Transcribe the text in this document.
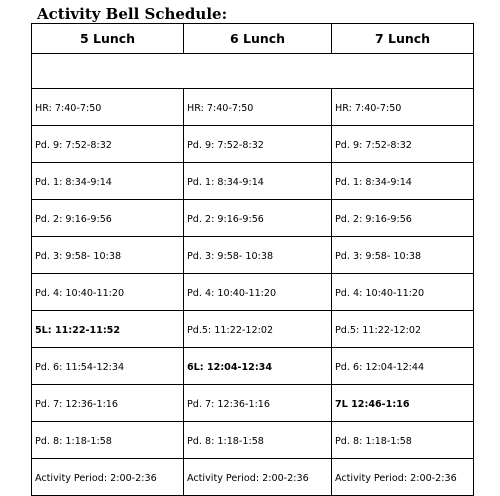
Activity Bell Schedule:
5 Lunch	6 Lunch	7 Lunch

HR: 7:40-7:50	HR: 7:40-7:50	HR: 7:40-7:50
Pd. 9: 7:52-8:32	Pd. 9: 7:52-8:32	Pd. 9: 7:52-8:32
Pd. 1: 8:34-9:14	Pd. 1: 8:34-9:14	Pd. 1: 8:34-9:14
Pd. 2: 9:16-9:56	Pd. 2: 9:16-9:56	Pd. 2: 9:16-9:56
Pd. 3: 9:58- 10:38	Pd. 3: 9:58- 10:38	Pd. 3: 9:58- 10:38
Pd. 4: 10:40-11:20	Pd. 4: 10:40-11:20	Pd. 4: 10:40-11:20
5L: 11:22-11:52	Pd.5: 11:22-12:02	Pd.5: 11:22-12:02
Pd. 6: 11:54-12:34	6L: 12:04-12:34	Pd. 6: 12:04-12:44
Pd. 7: 12:36-1:16	Pd. 7: 12:36-1:16	7L 12:46-1:16
Pd. 8: 1:18-1:58	Pd. 8: 1:18-1:58	Pd. 8: 1:18-1:58
Activity Period: 2:00-2:36	Activity Period: 2:00-2:36	Activity Period: 2:00-2:36
